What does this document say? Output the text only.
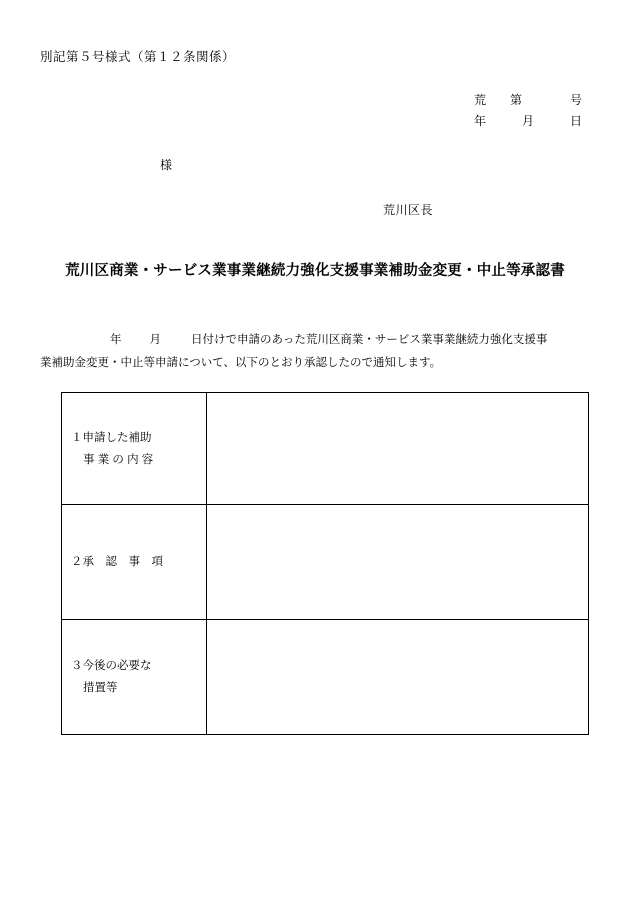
別記第５号様式（第１２条関係）
荒　　第　　　　号
年　　　月　　　日
様
荒川区長
荒川区商業・サービス業事業継続力強化支援事業補助金変更・中止等承認書
年 月	日付けで申請のあった荒川区商業・サービス業事業継続力強化支援事
業補助金変更・中止等申請について、以下のとおり承認したので通知します。
１申請した補助
事 業 の 内 容	

２承　認　事　項	
３今後の必要な
措置等	
